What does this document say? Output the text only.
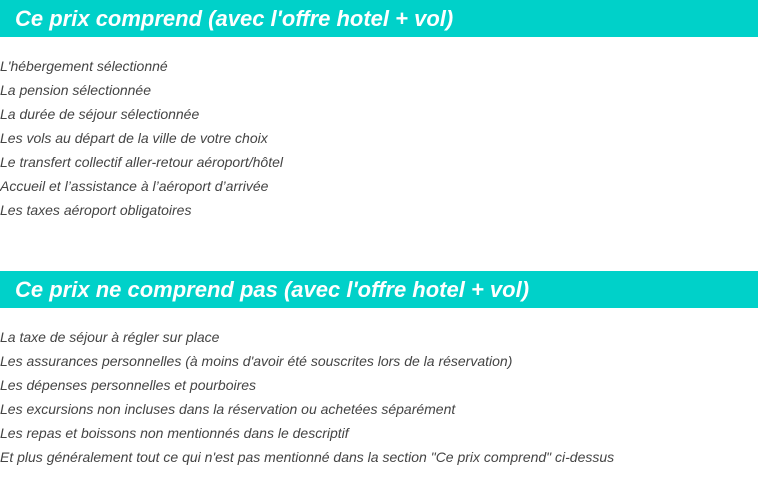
Ce prix comprend (avec l'offre hotel + vol)
L'hébergement sélectionné
La pension sélectionnée
La durée de séjour sélectionnée
Les vols au départ de la ville de votre choix
Le transfert collectif aller-retour aéroport/hôtel
Accueil et l’assistance à l’aéroport d’arrivée
Les taxes aéroport obligatoires
Ce prix ne comprend pas (avec l'offre hotel + vol)
La taxe de séjour à régler sur place
Les assurances personnelles (à moins d'avoir été souscrites lors de la réservation)
Les dépenses personnelles et pourboires
Les excursions non incluses dans la réservation ou achetées séparément
Les repas et boissons non mentionnés dans le descriptif
Et plus généralement tout ce qui n'est pas mentionné dans la section "Ce prix comprend" ci-dessus
